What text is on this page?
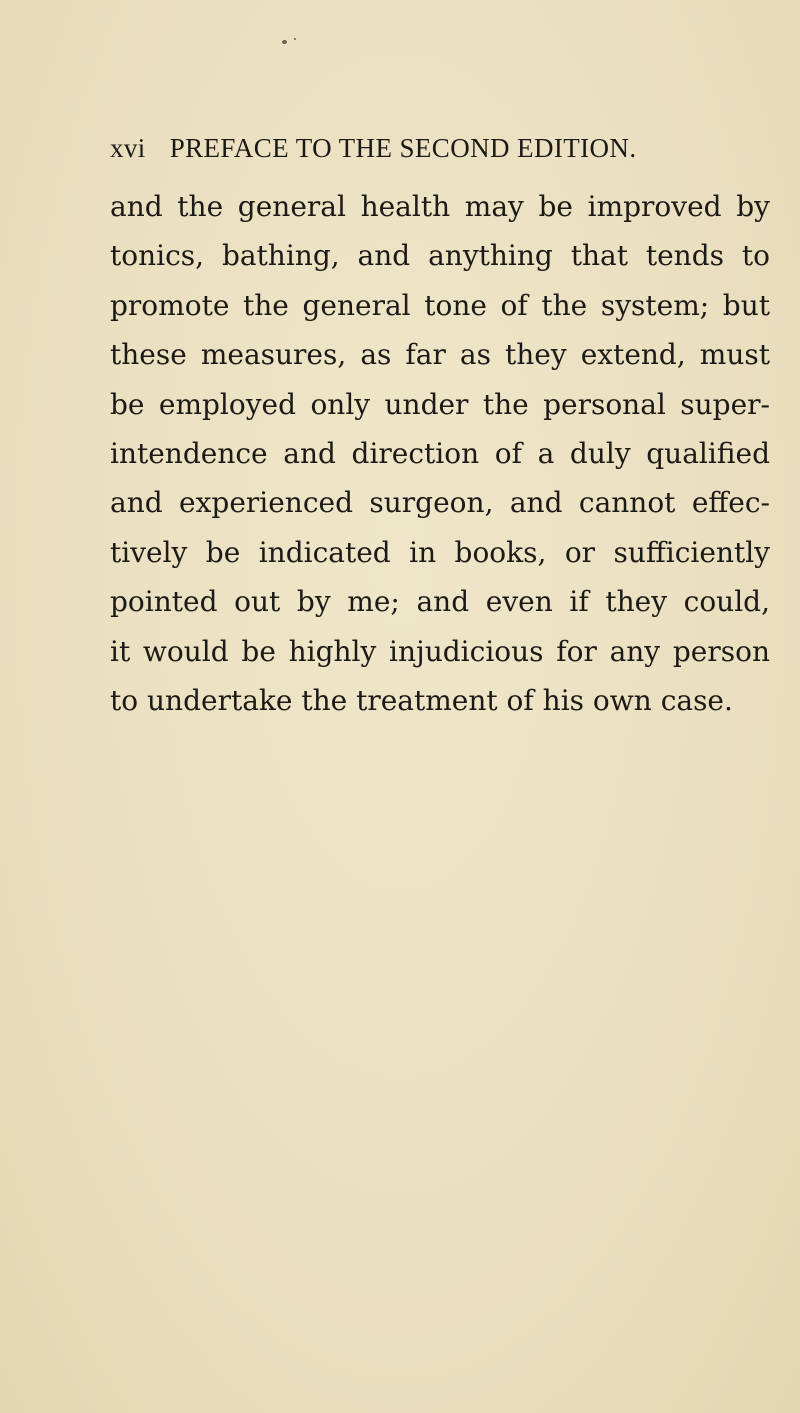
xvi PREFACE TO THE SECOND EDITION.
and the general health may be improved by
tonics, bathing, and anything that tends to
promote the general tone of the system; but
these measures, as far as they extend, must
be employed only under the personal super-
intendence and direction of a duly qualified
and experienced surgeon, and cannot effec-
tively be indicated in books, or sufficiently
pointed out by me; and even if they could,
it would be highly injudicious for any person
to undertake the treatment of his own case.
